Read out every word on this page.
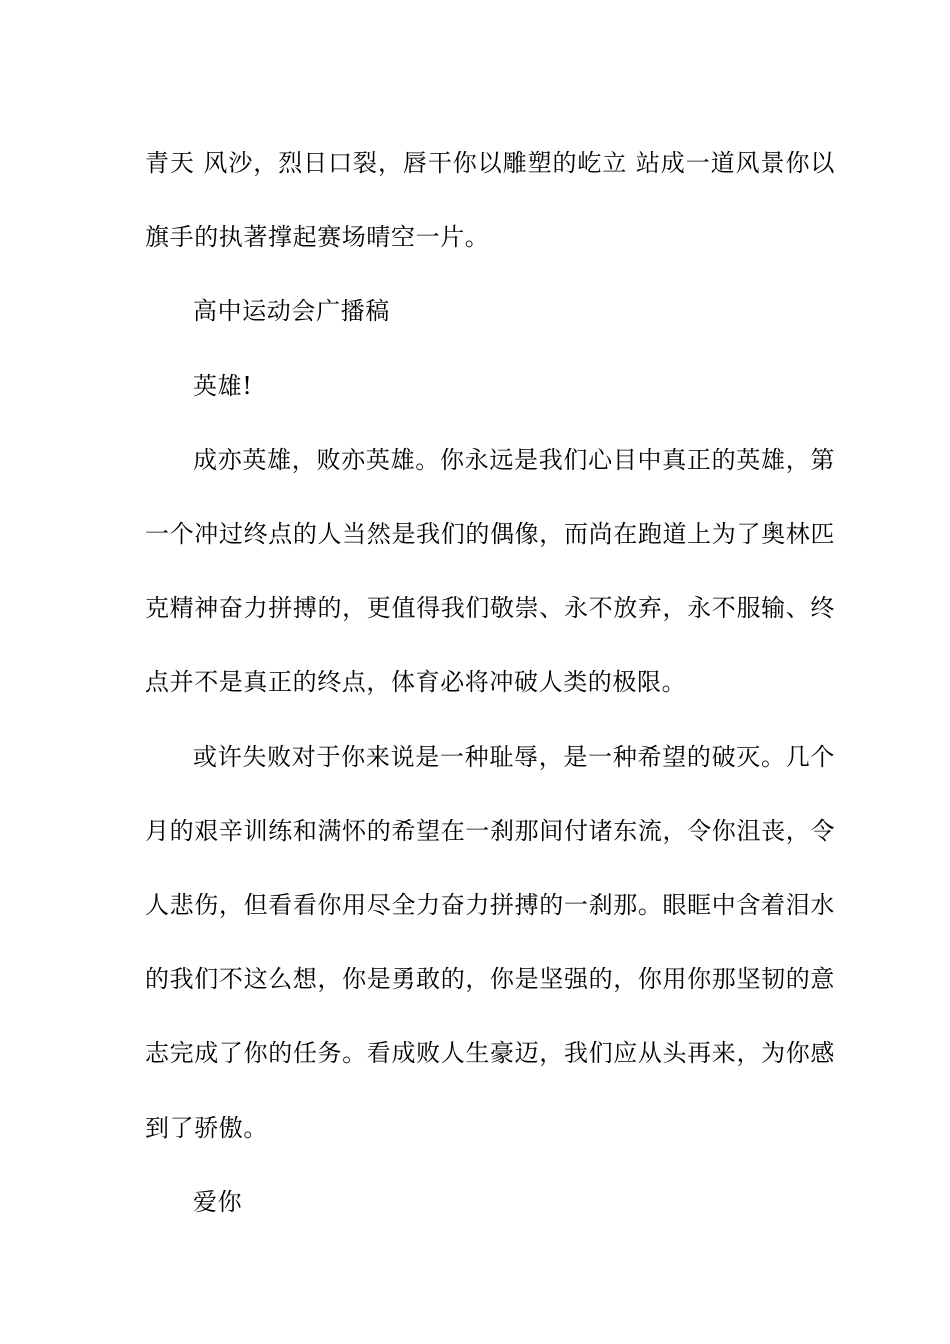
青天 风沙，烈日口裂，唇干你以雕塑的屹立 站成一道风景你以旗手的执著撑起赛场晴空一片。

高中运动会广播稿

英雄!

成亦英雄，败亦英雄。你永远是我们心目中真正的英雄，第一个冲过终点的人当然是我们的偶像，而尚在跑道上为了奥林匹克精神奋力拼搏的，更值得我们敬崇、永不放弃，永不服输、终点并不是真正的终点，体育必将冲破人类的极限。

或许失败对于你来说是一种耻辱，是一种希望的破灭。几个月的艰辛训练和满怀的希望在一刹那间付诸东流，令你沮丧，令人悲伤，但看看你用尽全力奋力拼搏的一刹那。眼眶中含着泪水的我们不这么想，你是勇敢的，你是坚强的，你用你那坚韧的意志完成了你的任务。看成败人生豪迈，我们应从头再来，为你感到了骄傲。

爱你
